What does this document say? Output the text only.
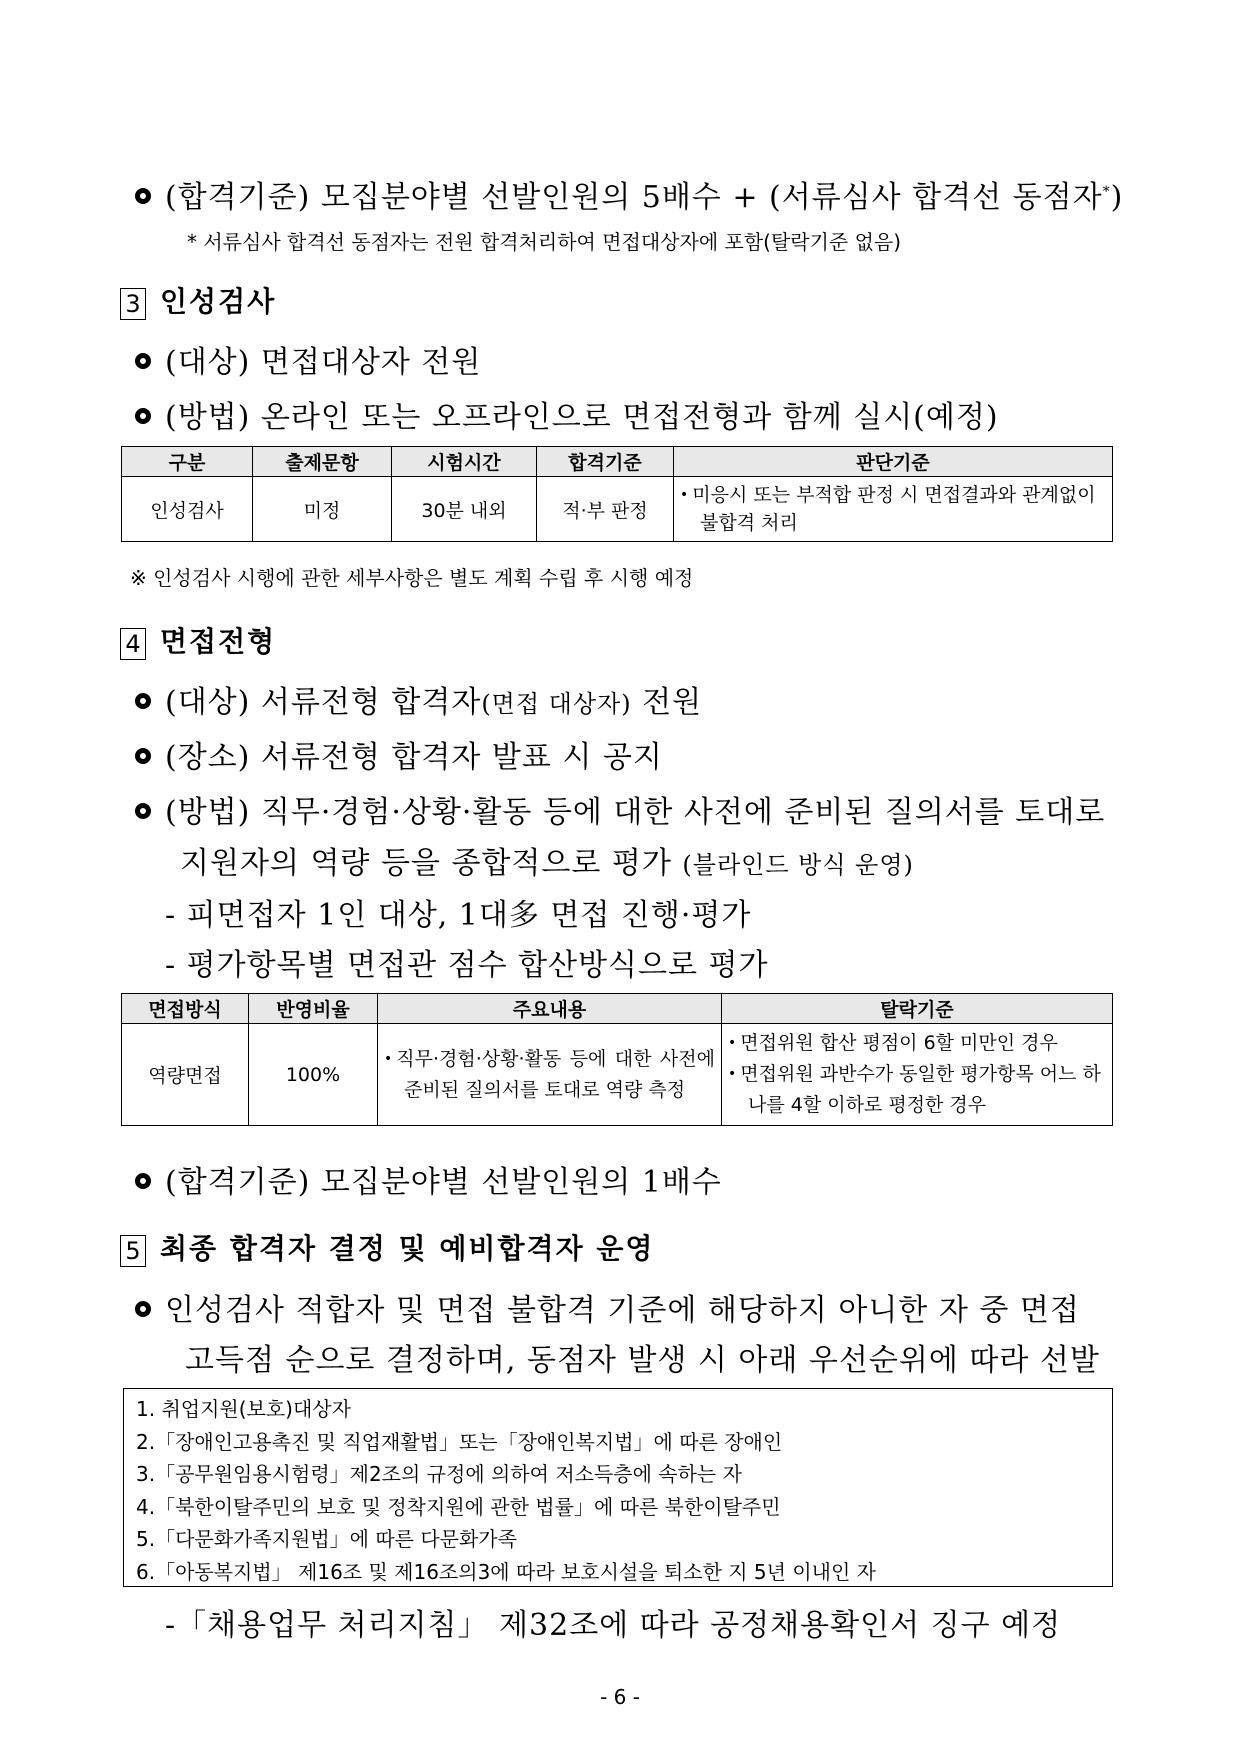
(합격기준) 모집분야별 선발인원의 5배수 + (서류심사 합격선 동점자*)
* 서류심사 합격선 동점자는 전원 합격처리하여 면접대상자에 포함(탈락기준 없음)
3 인성검사
(대상) 면접대상자 전원
(방법) 온라인 또는 오프라인으로 면접전형과 함께 실시(예정)
구분	출제문항	시험시간	합격기준	판단기준
인성검사	미정	30분 내외	적·부 판정	• 미응시 또는 부적합 판정 시 면접결과와 관계없이 불합격 처리
※ 인성검사 시행에 관한 세부사항은 별도 계획 수립 후 시행 예정
4 면접전형
(대상) 서류전형 합격자(면접 대상자) 전원
(장소) 서류전형 합격자 발표 시 공지
(방법) 직무·경험·상황·활동 등에 대한 사전에 준비된 질의서를 토대로
지원자의 역량 등을 종합적으로 평가 (블라인드 방식 운영)
- 피면접자 1인 대상, 1대多 면접 진행·평가
- 평가항목별 면접관 점수 합산방식으로 평가
면접방식	반영비율	주요내용	탈락기준
역량면접	100%	• 직무·경험·상황·활동 등에 대한 사전에 준비된 질의서를 토대로 역량 측정	• 면접위원 합산 평점이 6할 미만인 경우
• 면접위원 과반수가 동일한 평가항목 어느 하나를 4할 이하로 평정한 경우
(합격기준) 모집분야별 선발인원의 1배수
5 최종 합격자 결정 및 예비합격자 운영
인성검사 적합자 및 면접 불합격 기준에 해당하지 아니한 자 중 면접
고득점 순으로 결정하며, 동점자 발생 시 아래 우선순위에 따라 선발
1. 취업지원(보호)대상자
2.「장애인고용촉진 및 직업재활법」또는「장애인복지법」에 따른 장애인
3.「공무원임용시험령」제2조의 규정에 의하여 저소득층에 속하는 자
4.「북한이탈주민의 보호 및 정착지원에 관한 법률」에 따른 북한이탈주민
5.「다문화가족지원법」에 따른 다문화가족
6.「아동복지법」 제16조 및 제16조의3에 따라 보호시설을 퇴소한 지 5년 이내인 자
-「채용업무 처리지침」 제32조에 따라 공정채용확인서 징구 예정
- 6 -
